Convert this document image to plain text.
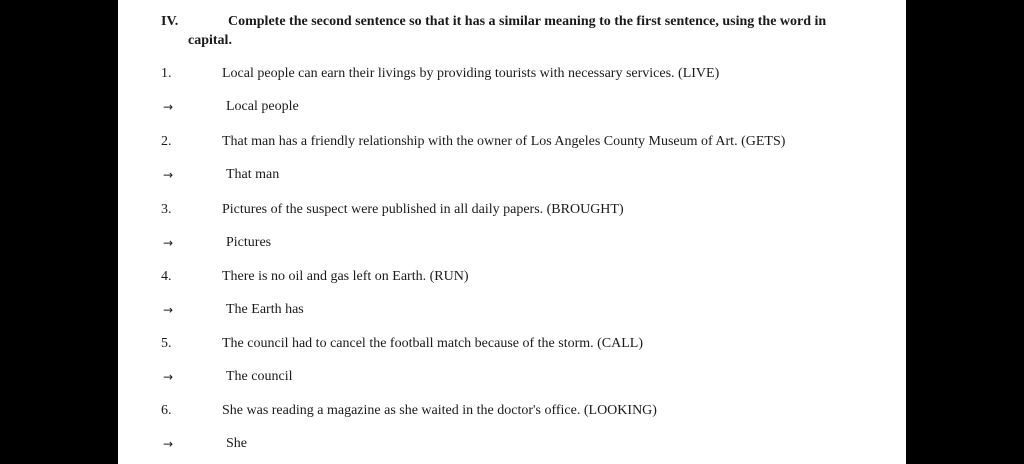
IV.	Complete the second sentence so that it has a similar meaning to the first sentence, using the word in
capital.
1.	Local people can earn their livings by providing tourists with necessary services. (LIVE)
→	Local people
2.	That man has a friendly relationship with the owner of Los Angeles County Museum of Art. (GETS)
→	That man
3.	Pictures of the suspect were published in all daily papers. (BROUGHT)
→	Pictures
4.	There is no oil and gas left on Earth. (RUN)
→	The Earth has
5.	The council had to cancel the football match because of the storm. (CALL)
→	The council
6.	She was reading a magazine as she waited in the doctor's office. (LOOKING)
→	She
